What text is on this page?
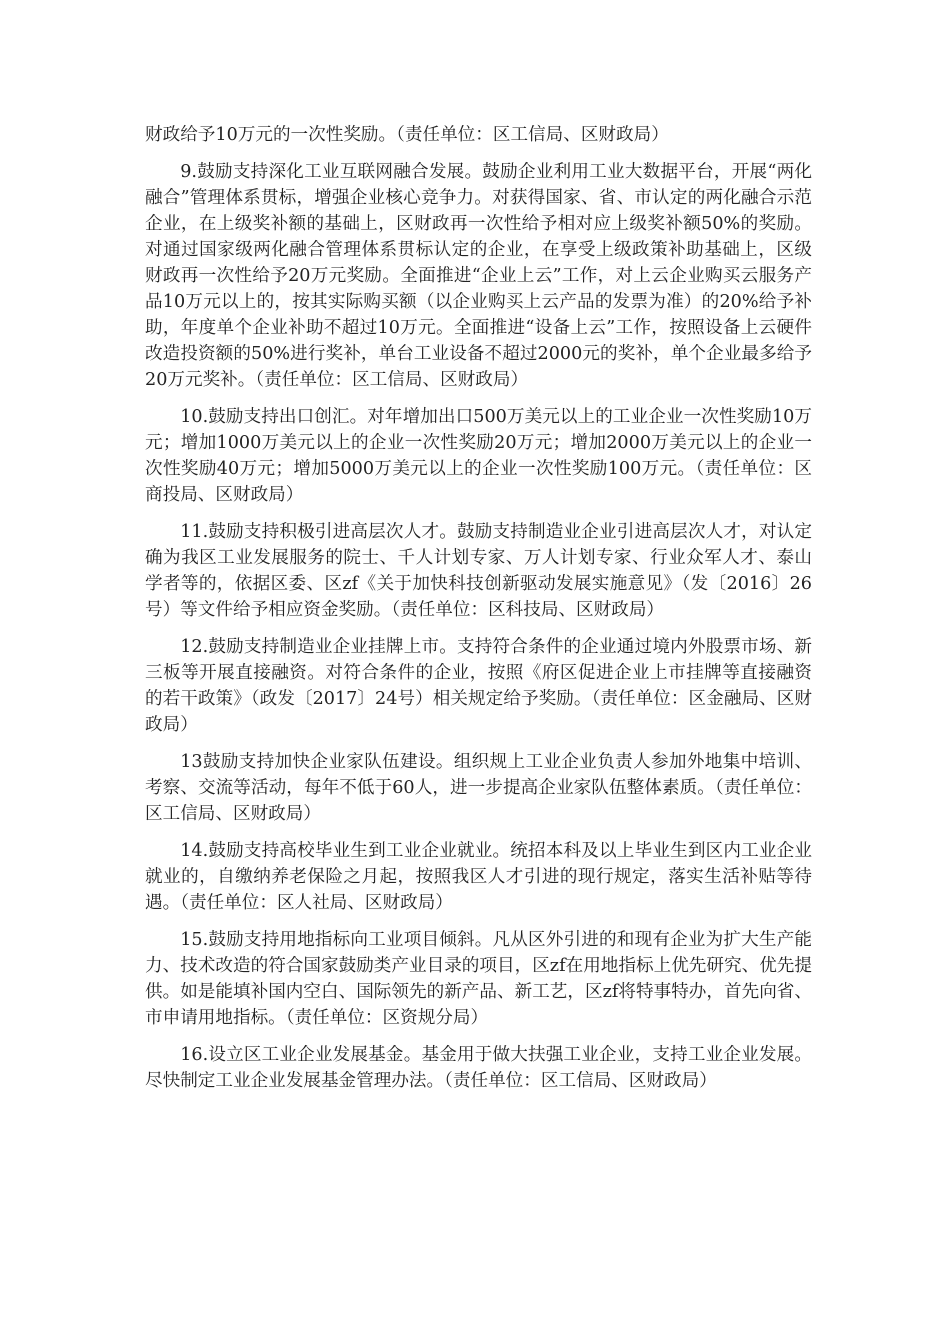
财政给予10万元的一次性奖励。（责任单位：区工信局、区财政局）

9.鼓励支持深化工业互联网融合发展。鼓励企业利用工业大数据平台，开展“两化融合”管理体系贯标，增强企业核心竞争力。对获得国家、省、市认定的两化融合示范企业，在上级奖补额的基础上，区财政再一次性给予相对应上级奖补额50%的奖励。对通过国家级两化融合管理体系贯标认定的企业，在享受上级政策补助基础上，区级财政再一次性给予20万元奖励。全面推进“企业上云”工作，对上云企业购买云服务产品10万元以上的，按其实际购买额（以企业购买上云产品的发票为准）的20%给予补助，年度单个企业补助不超过10万元。全面推进“设备上云”工作，按照设备上云硬件改造投资额的50%进行奖补，单台工业设备不超过2000元的奖补，单个企业最多给予20万元奖补。（责任单位：区工信局、区财政局）

10.鼓励支持出口创汇。对年增加出口500万美元以上的工业企业一次性奖励10万元；增加1000万美元以上的企业一次性奖励20万元；增加2000万美元以上的企业一次性奖励40万元；增加5000万美元以上的企业一次性奖励100万元。（责任单位：区商投局、区财政局）

11.鼓励支持积极引进高层次人才。鼓励支持制造业企业引进高层次人才，对认定确为我区工业发展服务的院士、千人计划专家、万人计划专家、行业众军人才、泰山学者等的，依据区委、区zf《关于加快科技创新驱动发展实施意见》（发〔2016〕26号）等文件给予相应资金奖励。（责任单位：区科技局、区财政局）

12.鼓励支持制造业企业挂牌上市。支持符合条件的企业通过境内外股票市场、新三板等开展直接融资。对符合条件的企业，按照《府区促进企业上市挂牌等直接融资的若干政策》（政发〔2017〕24号）相关规定给予奖励。（责任单位：区金融局、区财政局）

13鼓励支持加快企业家队伍建设。组织规上工业企业负责人参加外地集中培训、考察、交流等活动，每年不低于60人，进一步提高企业家队伍整体素质。（责任单位：区工信局、区财政局）

14.鼓励支持高校毕业生到工业企业就业。统招本科及以上毕业生到区内工业企业就业的，自缴纳养老保险之月起，按照我区人才引进的现行规定，落实生活补贴等待遇。（责任单位：区人社局、区财政局）

15.鼓励支持用地指标向工业项目倾斜。凡从区外引进的和现有企业为扩大生产能力、技术改造的符合国家鼓励类产业目录的项目，区zf在用地指标上优先研究、优先提供。如是能填补国内空白、国际领先的新产品、新工艺，区zf将特事特办，首先向省、市申请用地指标。（责任单位：区资规分局）

16.设立区工业企业发展基金。基金用于做大扶强工业企业，支持工业企业发展。尽快制定工业企业发展基金管理办法。（责任单位：区工信局、区财政局）
